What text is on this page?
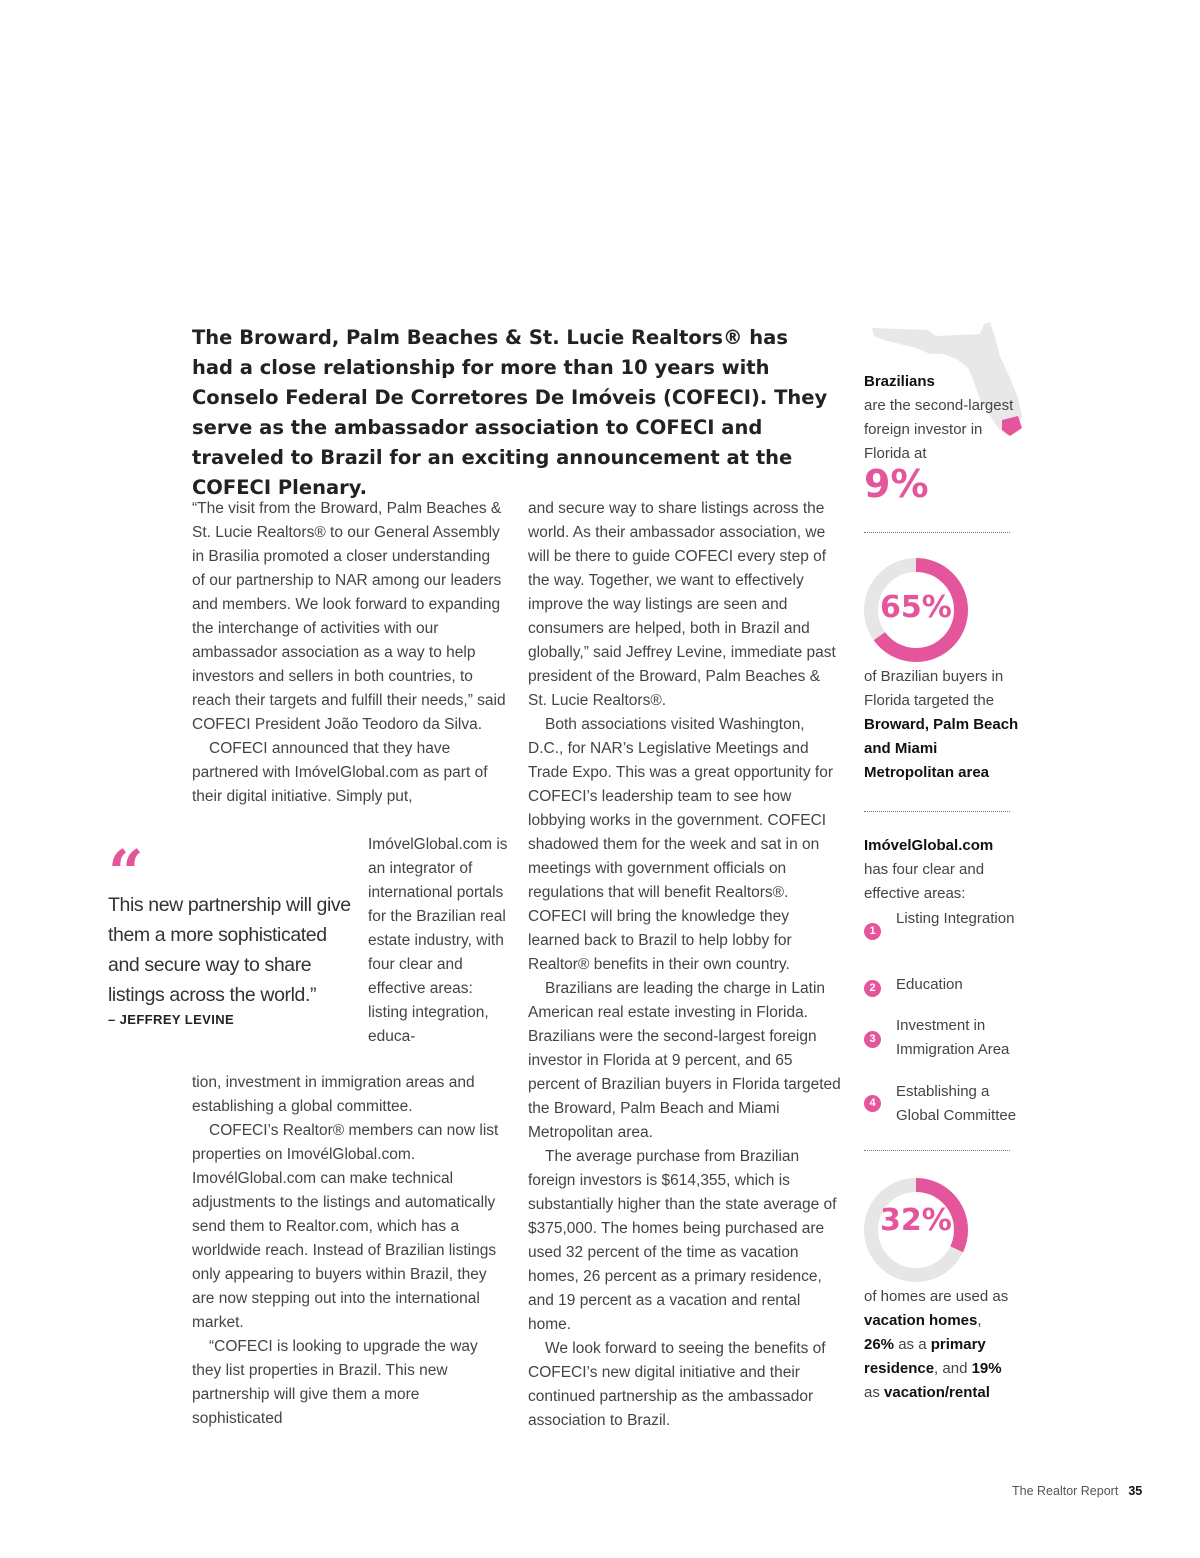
The Broward, Palm Beaches & St. Lucie Realtors® has had a close relationship for more than 10 years with Conselo Federal De Corretores De Imóveis (COFECI). They serve as the ambassador association to COFECI and traveled to Brazil for an exciting announcement at the COFECI Plenary.

“The visit from the Broward, Palm Beaches & St. Lucie Realtors® to our General Assembly in Brasilia promoted a closer understanding of our partnership to NAR among our leaders and members. We look forward to expanding the interchange of activities with our ambassador association as a way to help investors and sellers in both countries, to reach their targets and fulfill their needs,” said COFECI President João Teodoro da Silva.

COFECI announced that they have partnered with ImóvelGlobal.com as part of their digital initiative. Simply put,

ImóvelGlobal.com is an integrator of international portals for the Brazilian real estate industry, with four clear and effective areas: listing integration, educa-

tion, investment in immigration areas and establishing a global committee.

COFECI’s Realtor® members can now list properties on ImovélGlobal.com. ImovélGlobal.com can make technical adjustments to the listings and automatically send them to Realtor.com, which has a worldwide reach. Instead of Brazilian listings only appearing to buyers within Brazil, they are now stepping out into the international market.

“COFECI is looking to upgrade the way they list properties in Brazil. This new partnership will give them a more sophisticated

“
This new partnership will give them a more sophisticated and secure way to share listings across the world.”
– JEFFREY LEVINE

and secure way to share listings across the world. As their ambassador association, we will be there to guide COFECI every step of the way. Together, we want to effectively improve the way listings are seen and consumers are helped, both in Brazil and globally,” said Jeffrey Levine, immediate past president of the Broward, Palm Beaches & St. Lucie Realtors®.

Both associations visited Washington, D.C., for NAR’s Legislative Meetings and Trade Expo. This was a great opportunity for COFECI’s leadership team to see how lobbying works in the government. COFECI shadowed them for the week and sat in on meetings with government officials on regulations that will benefit Realtors®. COFECI will bring the knowledge they learned back to Brazil to help lobby for Realtor® benefits in their own country.

Brazilians are leading the charge in Latin American real estate investing in Florida. Brazilians were the second-largest foreign investor in Florida at 9 percent, and 65 percent of Brazilian buyers in Florida targeted the Broward, Palm Beach and Miami Metropolitan area.

The average purchase from Brazilian foreign investors is $614,355, which is substantially higher than the state average of $375,000. The homes being purchased are used 32 percent of the time as vacation homes, 26 percent as a primary residence, and 19 percent as a vacation and rental home.

We look forward to seeing the benefits of COFECI’s new digital initiative and their continued partnership as the ambassador association to Brazil.

Brazilians
are the second-largest foreign investor in Florida at
9%
65%
of Brazilian buyers in Florida targeted the Broward, Palm Beach and Miami Metropolitan area
ImóvelGlobal.com
has four clear and effective areas:
1
Listing Integration
2	Education
3
Investment in Immigration Area
4
Establishing a Global Committee
32%
of homes are used as vacation homes, 26% as a primary residence, and 19% as vacation/rental
The Realtor Report 35
